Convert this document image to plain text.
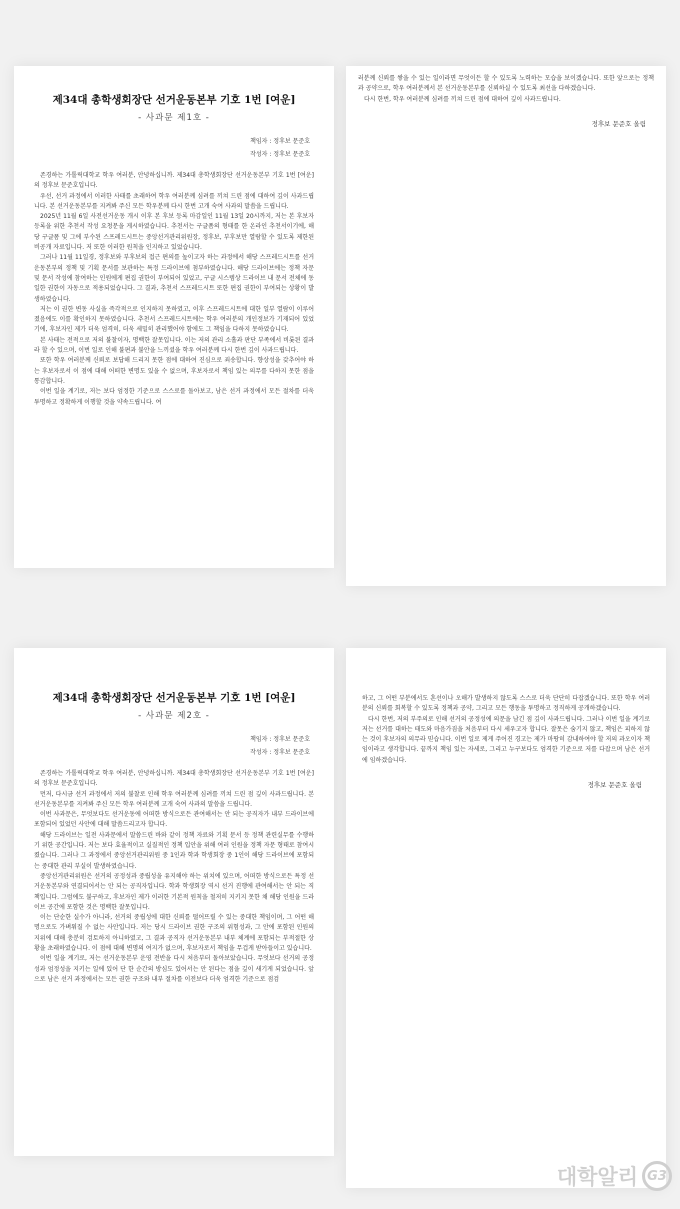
제34대 총학생회장단 선거운동본부 기호 1번 [여운]
- 사과문 제1호 -
책임자 : 정후보 문준호
작성자 : 정후보 문준호

존경하는 가톨릭대학교 학우 여러분, 안녕하십니까. 제34대 총학생회장단 선거운동본부 기호 1번 [여운]의 정후보 문준호입니다.

우선, 선거 과정에서 이러한 사태를 초래하여 학우 여러분께 심려를 끼쳐 드린 점에 대하여 깊이 사과드립니다. 본 선거운동본부를 지켜봐 주신 모든 학우분께 다시 한번 고개 숙여 사과의 말씀을 드립니다.

2025년 11월 6일 사전선거운동 개시 이후 본 후보 등록 마감일인 11월 13일 20시까지, 저는 본 후보자 등록을 위한 추천서 작성 요청문을 게시하였습니다. 추천서는 구글폼의 형태를 한 온라인 추천서이기에, 해당 구글폼 및 그에 부수된 스프레드시트는 중앙선거관리위원장, 정후보, 부후보만 열람할 수 있도록 제한된 비공개 자료입니다. 저 또한 이러한 원칙을 인지하고 있었습니다.

그러나 11월 11일경, 정후보와 부후보의 접근 편의를 높이고자 하는 과정에서 해당 스프레드시트를 선거운동본부의 정책 및 기획 문서를 보관하는 특정 드라이브에 첨부하였습니다. 해당 드라이브에는 정책 자문 및 문서 작성에 참여하는 인원에게 편집 권한이 부여되어 있었고, 구글 시스템상 드라이브 내 문서 전체에 동일한 권한이 자동으로 적용되었습니다. 그 결과, 추천서 스프레드시트 또한 편집 권한이 부여되는 상황이 발생하였습니다.

저는 이 권한 변동 사실을 즉각적으로 인지하지 못하였고, 이후 스프레드시트에 대한 일부 열람이 이루어졌음에도 이를 확인하지 못하였습니다. 추천서 스프레드시트에는 학우 여러분의 개인정보가 기재되어 있었기에, 후보자인 제가 더욱 엄격히, 더욱 세밀히 관리했어야 함에도 그 책임을 다하지 못하였습니다.

본 사태는 전적으로 저의 불찰이자, 명백한 잘못입니다. 이는 저의 관리 소홀과 판단 부족에서 비롯된 결과라 할 수 있으며, 이번 일로 인해 불편과 불안을 느끼셨을 학우 여러분께 다시 한번 깊이 사과드립니다.

또한 학우 여러분께 신뢰로 보답해 드리지 못한 점에 대하여 진심으로 죄송합니다. 향상성을 갖추어야 하는 후보자로서 이 점에 대해 어떠한 변명도 있을 수 없으며, 후보자로서 책임 있는 의무를 다하지 못한 점을 통감합니다.

이번 일을 계기로, 저는 보다 엄정한 기준으로 스스로를 돌아보고, 남은 선거 과정에서 모든 절차를 더욱 투명하고 정확하게 이행할 것을 약속드립니다. 여

러분께 신뢰를 쌓을 수 있는 일이라면 무엇이든 할 수 있도록 노력하는 모습을 보이겠습니다. 또한 앞으로는 정책과 공약으로, 학우 여러분께서 본 선거운동본부를 신뢰하실 수 있도록 최선을 다하겠습니다.

다시 한번, 학우 여러분께 심려를 끼쳐 드린 점에 대하여 깊이 사과드립니다.

정후보 문준호 올림
제34대 총학생회장단 선거운동본부 기호 1번 [여운]
- 사과문 제2호 -
책임자 : 정후보 문준호
작성자 : 정후보 문준호

존경하는 가톨릭대학교 학우 여러분, 안녕하십니까. 제34대 총학생회장단 선거운동본부 기호 1번 [여운]의 정후보 문준호입니다.

먼저, 다시금 선거 과정에서 저의 불찰로 인해 학우 여러분께 심려를 끼쳐 드린 점 깊이 사과드립니다. 본 선거운동본부를 지켜봐 주신 모든 학우 여러분께 고개 숙여 사과의 말씀을 드립니다.

이번 사과문은, 무엇보다도 선거운동에 어떠한 방식으로든 관여해서는 안 되는 공직자가 내부 드라이브에 포함되어 있었던 사안에 대해 말씀드리고자 합니다.

해당 드라이브는 일전 사과문에서 말씀드린 바와 같이 정책 자료와 기획 문서 등 정책 관련실무를 수행하기 위한 공간입니다. 저는 보다 효율적이고 실질적인 정책 입안을 위해 여러 인원을 정책 자문 형태로 참여시켰습니다. 그러나 그 과정에서 중앙선거관리위원 중 1인과 학과 학생회장 중 1인이 해당 드라이브에 포함되는 중대한 관리 부실이 발생하였습니다.

중앙선거관리위원은 선거의 공정성과 중립성을 유지해야 하는 위치에 있으며, 어떠한 방식으로든 특정 선거운동본부와 연결되어서는 안 되는 공직자입니다. 학과 학생회장 역시 선거 진행에 관여해서는 안 되는 직책입니다. 그럼에도 불구하고, 후보자인 제가 이러한 기본적 원칙을 철저히 지키지 못한 채 해당 인원을 드라이브 공간에 포함한 것은 명백한 잘못입니다.

이는 단순한 실수가 아니라, 선거의 중립성에 대한 신뢰를 떨어뜨릴 수 있는 중대한 책임이며, 그 어떤 해명으로도 가벼워질 수 없는 사안입니다. 저는 당시 드라이브 권한 구조의 위험성과, 그 안에 포함된 인원의 지위에 대해 충분히 검토하지 아니하였고, 그 결과 공직자 선거운동본부 내부 체계에 포함되는 부적절한 상황을 초래하였습니다. 이 점에 대해 변명의 여지가 없으며, 후보자로서 책임을 무겁게 받아들이고 있습니다.

이번 일을 계기로, 저는 선거운동본부 운영 전반을 다시 처음부터 돌아보았습니다. 무엇보다 선거의 공정성과 엄정성을 지키는 일에 있어 단 한 순간의 방심도 있어서는 안 된다는 점을 깊이 새기게 되었습니다. 앞으로 남은 선거 과정에서는 모든 권한 구조와 내부 절차를 이전보다 더욱 엄격한 기준으로 점검

하고, 그 어떤 부분에서도 혼선이나 오해가 발생하지 않도록 스스로 더욱 단단히 다잡겠습니다. 또한 학우 여러분의 신뢰를 회복할 수 있도록 정책과 공약, 그리고 모든 행동을 투명하고 정직하게 공개하겠습니다.

다시 한번, 저의 부주의로 인해 선거의 공정성에 의문을 남긴 점 깊이 사과드립니다. 그러나 이번 일을 계기로 저는 선거를 대하는 태도와 마음가짐을 처음부터 다시 세우고자 합니다. 잘못은 숨기지 않고, 책임은 피하지 않는 것이 후보자의 의무라 믿습니다. 이번 일로 제게 주어진 경고는 제가 마땅히 감내하여야 할 저의 과오이자 책임이라고 생각합니다. 끝까지 책임 있는 자세로, 그리고 누구보다도 엄격한 기준으로 저를 다잡으며 남은 선거에 임하겠습니다.

정후보 문준호 올림
대학알리 G3
